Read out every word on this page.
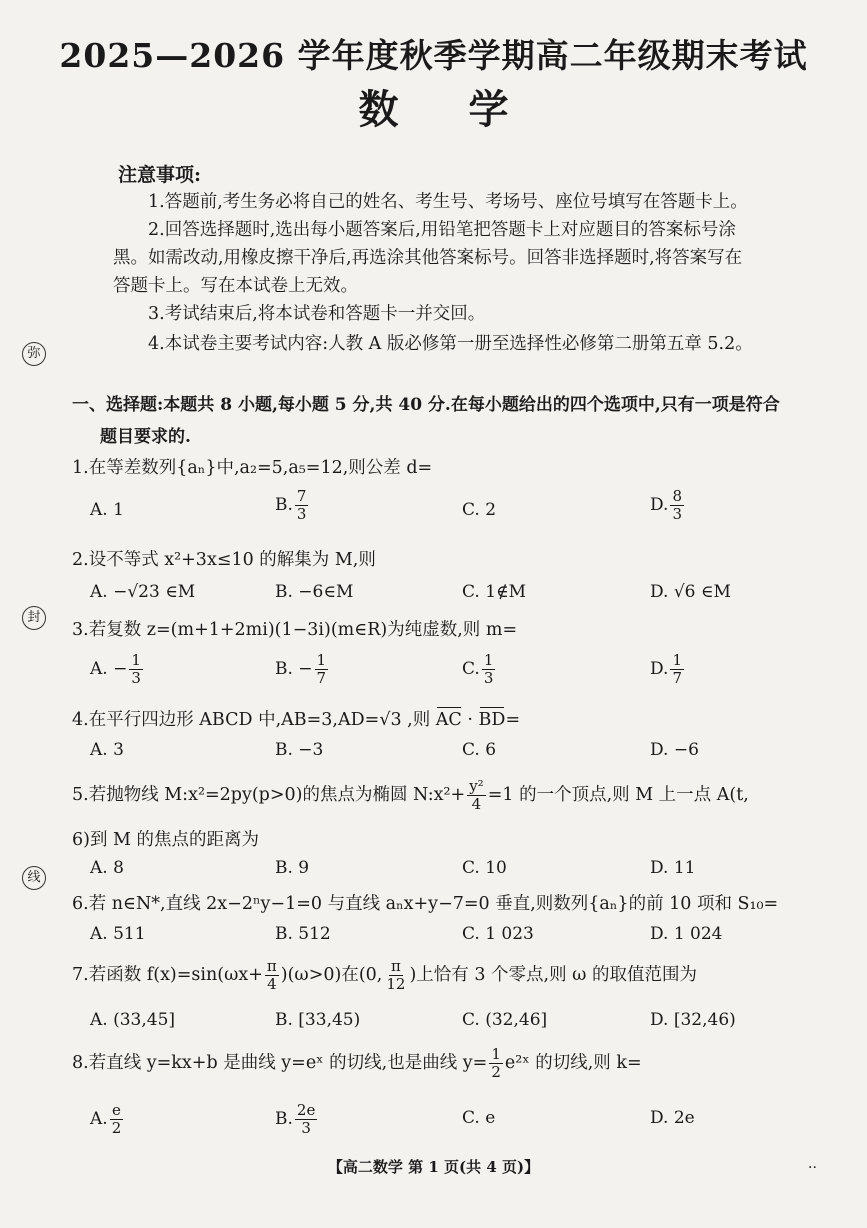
2025—2026 学年度秋季学期高二年级期末考试
数学
注意事项:
1.答题前,考生务必将自己的姓名、考生号、考场号、座位号填写在答题卡上。
2.回答选择题时,选出每小题答案后,用铅笔把答题卡上对应题目的答案标号涂
黑。如需改动,用橡皮擦干净后,再选涂其他答案标号。回答非选择题时,将答案写在
答题卡上。写在本试卷上无效。
3.考试结束后,将本试卷和答题卡一并交回。
4.本试卷主要考试内容:人教 A 版必修第一册至选择性必修第二册第五章 5.2。
弥
封
线
一、选择题:本题共 8 小题,每小题 5 分,共 40 分.在每小题给出的四个选项中,只有一项是符合
题目要求的.
1.在等差数列{aₙ}中,a₂=5,a₅=12,则公差 d=
A. 1	B. $\frac{7}{3}$	C. 2	D. $\frac{8}{3}$
2.设不等式 x²+3x≤10 的解集为 M,则
A. −√23 ∈M	B. −6∈M	C. 1∉M	D. √6 ∈M
3.若复数 z=(m+1+2mi)(1−3i)(m∈R)为纯虚数,则 m=
A. − $\frac{1}{3}$	B. − $\frac{1}{7}$	C. $\frac{1}{3}$	D. $\frac{1}{7}$
4.在平行四边形 ABCD 中,AB=3,AD=√3 ,则 AC · BD=
A. 3	B. −3	C. 6	D. −6
5.若抛物线 M:x²=2py(p>0)的焦点为椭圆 N:x²+ $\frac{\text{y²}}{4} =1$ 的一个顶点,则 M 上一点 A(t,
6)到 M 的焦点的距离为
A. 8	B. 9	C. 10	D. 11
6.若 n∈N*,直线 2x−2ⁿy−1=0 与直线 aₙx+y−7=0 垂直,则数列{aₙ}的前 10 项和 S₁₀=
A. 511	B. 512	C. 1 023	D. 1 024
7.若函数 $f(x)=\sin(\omega x+ \frac{\pi}{4} )(\omega>0)$在(0, $\frac{\pi}{12}$ )上恰有 3 个零点,则 ω 的取值范围为
A. (33,45]	B. [33,45)	C. (32,46]	D. [32,46)
8.若直线 y=kx+b 是曲线 y=eˣ 的切线,也是曲线 $y= \frac{1}{2}$ e²ˣ 的切线,则 k=
A. $\frac{e}{2}$	B. $\frac{2e}{3}$	C. e	D. 2e
【高二数学 第 1 页(共 4 页)】	..
